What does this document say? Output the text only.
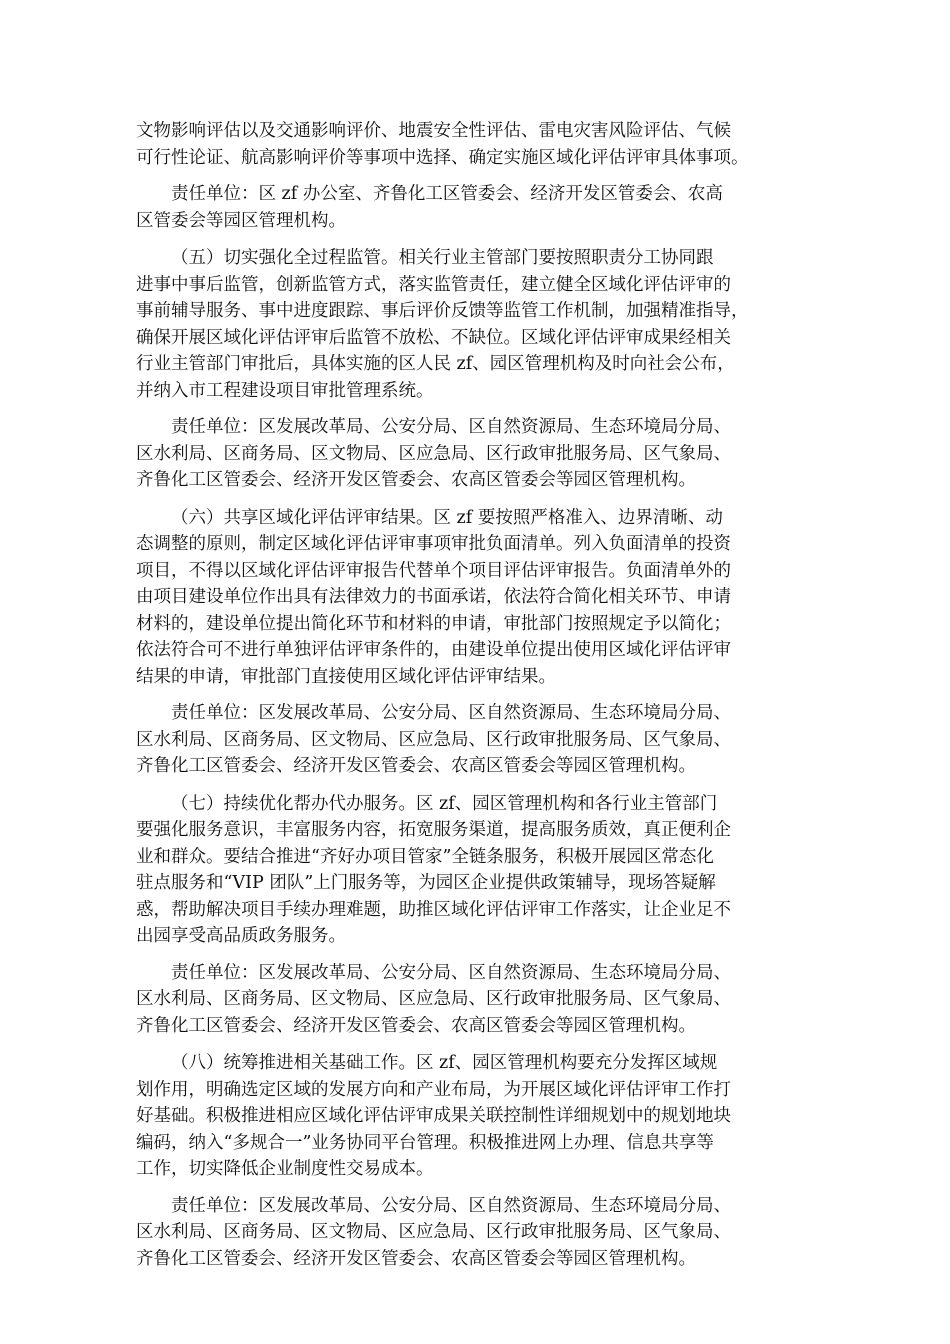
文物影响评估以及交通影响评价、地震安全性评估、雷电灾害风险评估、气候
可行性论证、航高影响评价等事项中选择、确定实施区域化评估评审具体事项。
责任单位：区 zf 办公室、齐鲁化工区管委会、经济开发区管委会、农高
区管委会等园区管理机构。
（五）切实强化全过程监管。相关行业主管部门要按照职责分工协同跟
进事中事后监管，创新监管方式，落实监管责任，建立健全区域化评估评审的
事前辅导服务、事中进度跟踪、事后评价反馈等监管工作机制，加强精准指导，
确保开展区域化评估评审后监管不放松、不缺位。区域化评估评审成果经相关
行业主管部门审批后，具体实施的区人民 zf、园区管理机构及时向社会公布，
并纳入市工程建设项目审批管理系统。
责任单位：区发展改革局、公安分局、区自然资源局、生态环境局分局、
区水利局、区商务局、区文物局、区应急局、区行政审批服务局、区气象局、
齐鲁化工区管委会、经济开发区管委会、农高区管委会等园区管理机构。
（六）共享区域化评估评审结果。区 zf 要按照严格准入、边界清晰、动
态调整的原则，制定区域化评估评审事项审批负面清单。列入负面清单的投资
项目，不得以区域化评估评审报告代替单个项目评估评审报告。负面清单外的
由项目建设单位作出具有法律效力的书面承诺，依法符合简化相关环节、申请
材料的，建设单位提出简化环节和材料的申请，审批部门按照规定予以简化；
依法符合可不进行单独评估评审条件的，由建设单位提出使用区域化评估评审
结果的申请，审批部门直接使用区域化评估评审结果。
责任单位：区发展改革局、公安分局、区自然资源局、生态环境局分局、
区水利局、区商务局、区文物局、区应急局、区行政审批服务局、区气象局、
齐鲁化工区管委会、经济开发区管委会、农高区管委会等园区管理机构。
（七）持续优化帮办代办服务。区 zf、园区管理机构和各行业主管部门
要强化服务意识，丰富服务内容，拓宽服务渠道，提高服务质效，真正便利企
业和群众。要结合推进“齐好办项目管家”全链条服务，积极开展园区常态化
驻点服务和“VIP 团队”上门服务等，为园区企业提供政策辅导，现场答疑解
惑，帮助解决项目手续办理难题，助推区域化评估评审工作落实，让企业足不
出园享受高品质政务服务。
责任单位：区发展改革局、公安分局、区自然资源局、生态环境局分局、
区水利局、区商务局、区文物局、区应急局、区行政审批服务局、区气象局、
齐鲁化工区管委会、经济开发区管委会、农高区管委会等园区管理机构。
（八）统筹推进相关基础工作。区 zf、园区管理机构要充分发挥区域规
划作用，明确选定区域的发展方向和产业布局，为开展区域化评估评审工作打
好基础。积极推进相应区域化评估评审成果关联控制性详细规划中的规划地块
编码，纳入“多规合一”业务协同平台管理。积极推进网上办理、信息共享等
工作，切实降低企业制度性交易成本。
责任单位：区发展改革局、公安分局、区自然资源局、生态环境局分局、
区水利局、区商务局、区文物局、区应急局、区行政审批服务局、区气象局、
齐鲁化工区管委会、经济开发区管委会、农高区管委会等园区管理机构。
